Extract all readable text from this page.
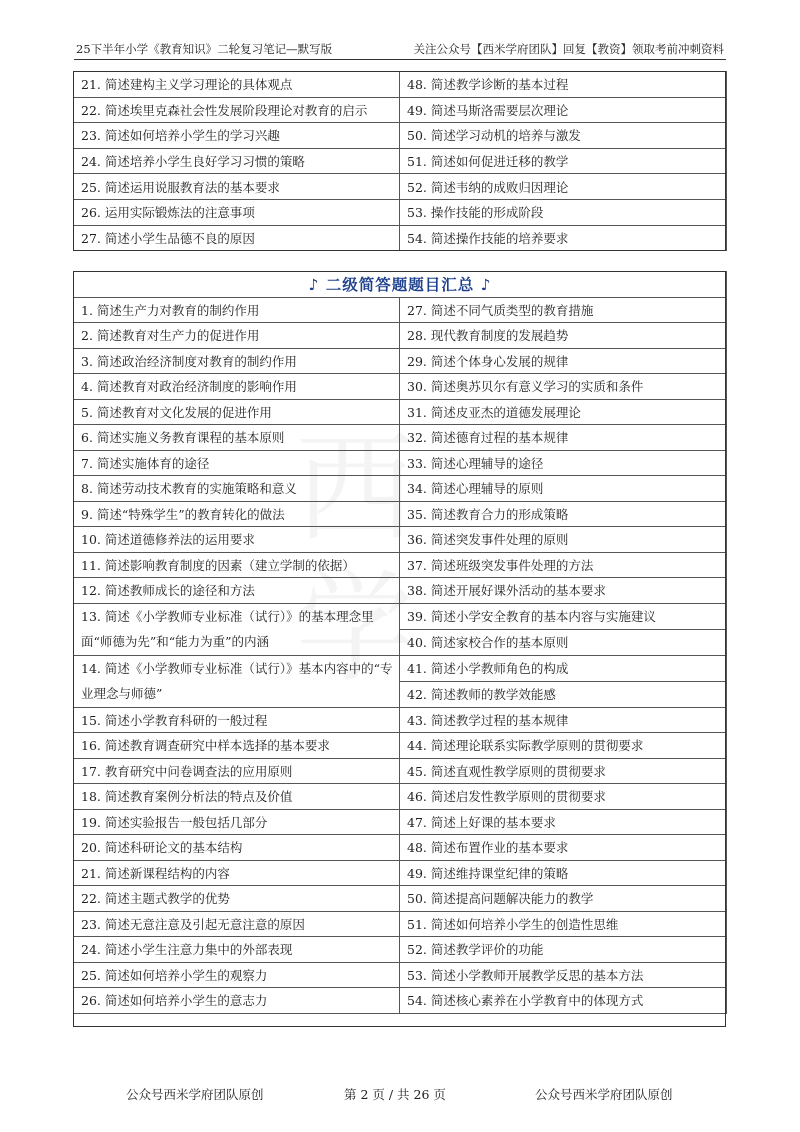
25下半年小学《教育知识》二轮复习笔记—默写版	关注公众号【西米学府团队】回复【教资】领取考前冲刺资料
21. 简述建构主义学习理论的具体观点	48. 简述教学诊断的基本过程
22. 简述埃里克森社会性发展阶段理论对教育的启示	49. 简述马斯洛需要层次理论
23. 简述如何培养小学生的学习兴趣	50. 简述学习动机的培养与激发
24. 简述培养小学生良好学习习惯的策略	51. 简述如何促进迁移的教学
25. 简述运用说服教育法的基本要求	52. 简述韦纳的成败归因理论
26. 运用实际锻炼法的注意事项	53. 操作技能的形成阶段
27. 简述小学生品德不良的原因	54. 简述操作技能的培养要求
♪ 二级简答题题目汇总 ♪	
1. 简述生产力对教育的制约作用	27. 简述不同气质类型的教育措施
2. 简述教育对生产力的促进作用	28. 现代教育制度的发展趋势
3. 简述政治经济制度对教育的制约作用	29. 简述个体身心发展的规律
4. 简述教育对政治经济制度的影响作用	30. 简述奥苏贝尔有意义学习的实质和条件
5. 简述教育对文化发展的促进作用	31. 简述皮亚杰的道德发展理论
6. 简述实施义务教育课程的基本原则	32. 简述德育过程的基本规律
7. 简述实施体育的途径	33. 简述心理辅导的途径
8. 简述劳动技术教育的实施策略和意义	34. 简述心理辅导的原则
9. 简述“特殊学生”的教育转化的做法	35. 简述教育合力的形成策略
10. 简述道德修养法的运用要求	36. 简述突发事件处理的原则
11. 简述影响教育制度的因素（建立学制的依据）	37. 简述班级突发事件处理的方法
12. 简述教师成长的途径和方法	38. 简述开展好课外活动的基本要求
13. 简述《小学教师专业标准（试行）》的基本理念里面“师德为先”和“能力为重”的内涵	39. 简述小学安全教育的基本内容与实施建议
	40. 简述家校合作的基本原则
14. 简述《小学教师专业标准（试行）》基本内容中的“专业理念与师德”	41. 简述小学教师角色的构成
	42. 简述教师的教学效能感
15. 简述小学教育科研的一般过程	43. 简述教学过程的基本规律
16. 简述教育调查研究中样本选择的基本要求	44. 简述理论联系实际教学原则的贯彻要求
17. 教育研究中问卷调查法的应用原则	45. 简述直观性教学原则的贯彻要求
18. 简述教育案例分析法的特点及价值	46. 简述启发性教学原则的贯彻要求
19. 简述实验报告一般包括几部分	47. 简述上好课的基本要求
20. 简述科研论文的基本结构	48. 简述布置作业的基本要求
21. 简述新课程结构的内容	49. 简述维持课堂纪律的策略
22. 简述主题式教学的优势	50. 简述提高问题解决能力的教学
23. 简述无意注意及引起无意注意的原因	51. 简述如何培养小学生的创造性思维
24. 简述小学生注意力集中的外部表现	52. 简述教学评价的功能
25. 简述如何培养小学生的观察力	53. 简述小学教师开展教学反思的基本方法
26. 简述如何培养小学生的意志力	54. 简述核心素养在小学教育中的体现方式
公众号西米学府团队原创	第 2 页 / 共 26 页	公众号西米学府团队原创
